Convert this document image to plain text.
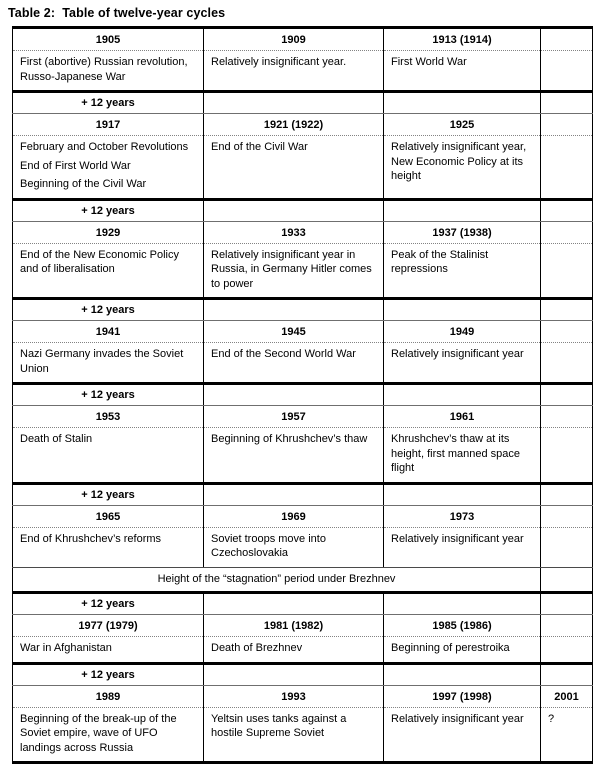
Table 2:  Table of twelve-year cycles
1905	1909	1913 (1914)	

First (abortive) Russian revolution, Russo-Japanese War	Relatively insignificant year.	First World War	

+ 12 years			
1917	1921 (1922)	1925	

February and October Revolutions
End of First World War
Beginning of the Civil War	End of the Civil War	Relatively insignificant year, New Economic Policy at its height	

+ 12 years			
1929	1933	1937 (1938)	

End of the New Economic Policy and of liberalisation	Relatively insignificant year in Russia, in Germany Hitler comes to power	Peak of the Stalinist repressions	

+ 12 years			
1941	1945	1949	

Nazi Germany invades the Soviet Union	End of the Second World War	Relatively insignificant year	

+ 12 years			
1953	1957	1961	

Death of Stalin	Beginning of Khrushchev’s thaw	Khrushchev’s thaw at its height, first manned space flight	

+ 12 years			
1965	1969	1973	

End of Khrushchev’s reforms	Soviet troops move into Czechoslovakia	Relatively insignificant year	

Height of the “stagnation” period under Brezhnev			
+ 12 years			
1977 (1979)	1981 (1982)	1985 (1986)	

War in Afghanistan	Death of Brezhnev	Beginning of perestroika	

+ 12 years			
1989	1993	1997 (1998)	2001

Beginning of the break-up of the Soviet empire, wave of UFO landings across Russia	Yeltsin uses tanks against a hostile Supreme Soviet	Relatively insignificant year	?
